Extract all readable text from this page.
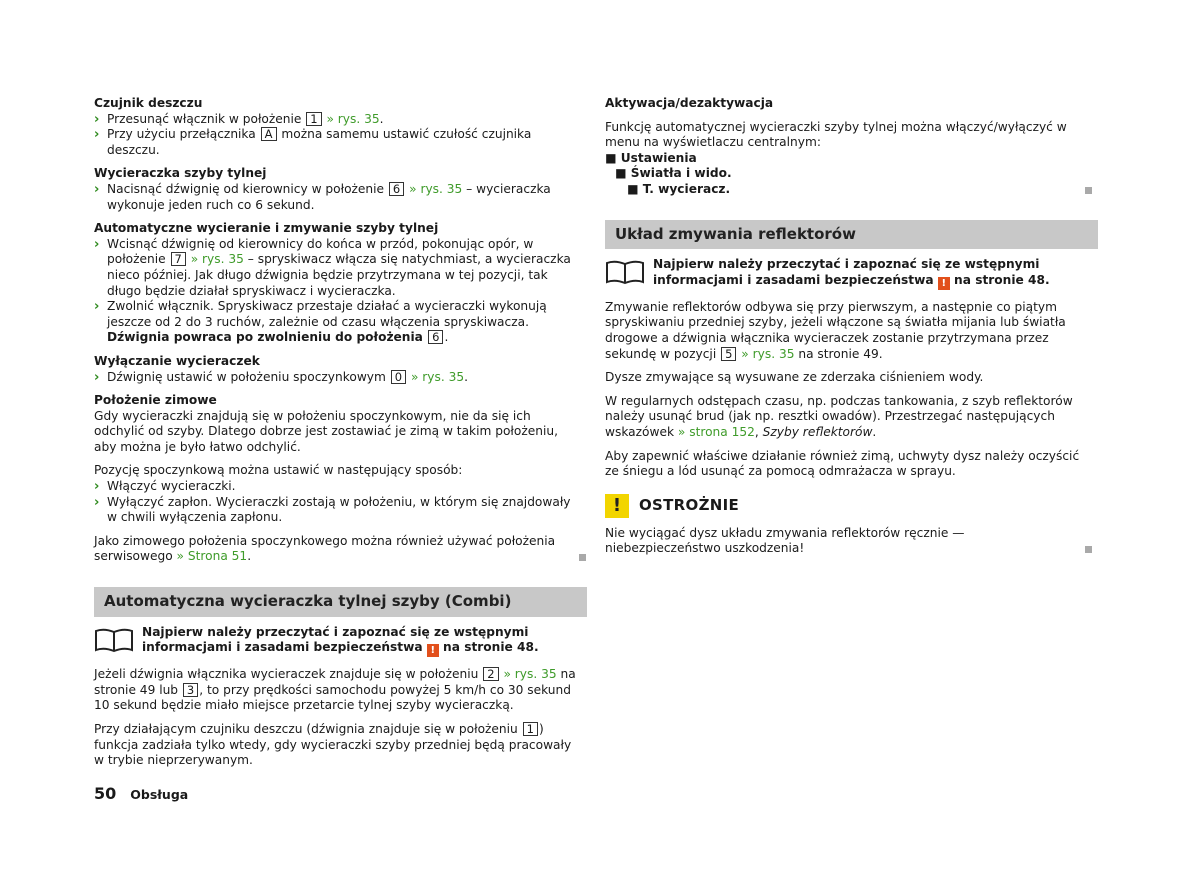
Czujnik deszczu

› Przesunąć włącznik w położenie 1 » rys. 35.
› Przy użyciu przełącznika A można samemu ustawić czułość czujnika deszczu.

Wycieraczka szyby tylnej

› Nacisnąć dźwignię od kierownicy w położenie 6 » rys. 35 – wycieraczka wykonuje jeden ruch co 6 sekund.

Automatyczne wycieranie i zmywanie szyby tylnej

› Wcisnąć dźwignię od kierownicy do końca w przód, pokonując opór, w położenie 7 » rys. 35 – spryskiwacz włącza się natychmiast, a wycieraczka nieco później. Jak długo dźwignia będzie przytrzymana w tej pozycji, tak długo będzie działał spryskiwacz i wycieraczka.
› Zwolnić włącznik. Spryskiwacz przestaje działać a wycieraczki wykonują jeszcze od 2 do 3 ruchów, zależnie od czasu włączenia spryskiwacza. Dźwignia powraca po zwolnieniu do położenia 6 .

Wyłączanie wycieraczek

› Dźwignię ustawić w położeniu spoczynkowym 0 » rys. 35.

Położenie zimowe

Gdy wycieraczki znajdują się w położeniu spoczynkowym, nie da się ich odchylić od szyby. Dlatego dobrze jest zostawiać je zimą w takim położeniu, aby można je było łatwo odchylić.

Pozycję spoczynkową można ustawić w następujący sposób:

› Włączyć wycieraczki.
› Wyłączyć zapłon. Wycieraczki zostają w położeniu, w którym się znajdowały w chwili wyłączenia zapłonu.

Jako zimowego położenia spoczynkowego można również używać położenia serwisowego » Strona 51.

Automatyczna wycieraczka tylnej szyby (Combi)
Najpierw należy przeczytać i zapoznać się ze wstępnymi informacjami i zasadami bezpieczeństwa ! na stronie 48.

Jeżeli dźwignia włącznika wycieraczek znajduje się w położeniu 2 » rys. 35 na stronie 49 lub 3 , to przy prędkości samochodu powyżej 5 km/h co 30 sekund 10 sekund będzie miało miejsce przetarcie tylnej szyby wycieraczką.

Przy działającym czujniku deszczu (dźwignia znajduje się w położeniu 1 ) funkcja zadziała tylko wtedy, gdy wycieraczki szyby przedniej będą pracowały w trybie nieprzerywanym.

Aktywacja/dezaktywacja

Funkcję automatycznej wycieraczki szyby tylnej można włączyć/wyłączyć w menu na wyświetlaczu centralnym:

■ Ustawienia
■ Światła i wido.
■ T. wycieracz.
Układ zmywania reflektorów
Najpierw należy przeczytać i zapoznać się ze wstępnymi informacjami i zasadami bezpieczeństwa ! na stronie 48.

Zmywanie reflektorów odbywa się przy pierwszym, a następnie co piątym spryskiwaniu przedniej szyby, jeżeli włączone są światła mijania lub światła drogowe a dźwignia włącznika wycieraczek zostanie przytrzymana przez sekundę w pozycji 5 » rys. 35 na stronie 49.

Dysze zmywające są wysuwane ze zderzaka ciśnieniem wody.

W regularnych odstępach czasu, np. podczas tankowania, z szyb reflektorów należy usunąć brud (jak np. resztki owadów). Przestrzegać następujących wskazówek » strona 152, Szyby reflektorów.

Aby zapewnić właściwe działanie również zimą, uchwyty dysz należy oczyścić ze śniegu a lód usunąć za pomocą odmrażacza w sprayu.

!	OSTROŻNIE

Nie wyciągać dysz układu zmywania reflektorów ręcznie — niebezpieczeństwo uszkodzenia!

50 Obsługa
